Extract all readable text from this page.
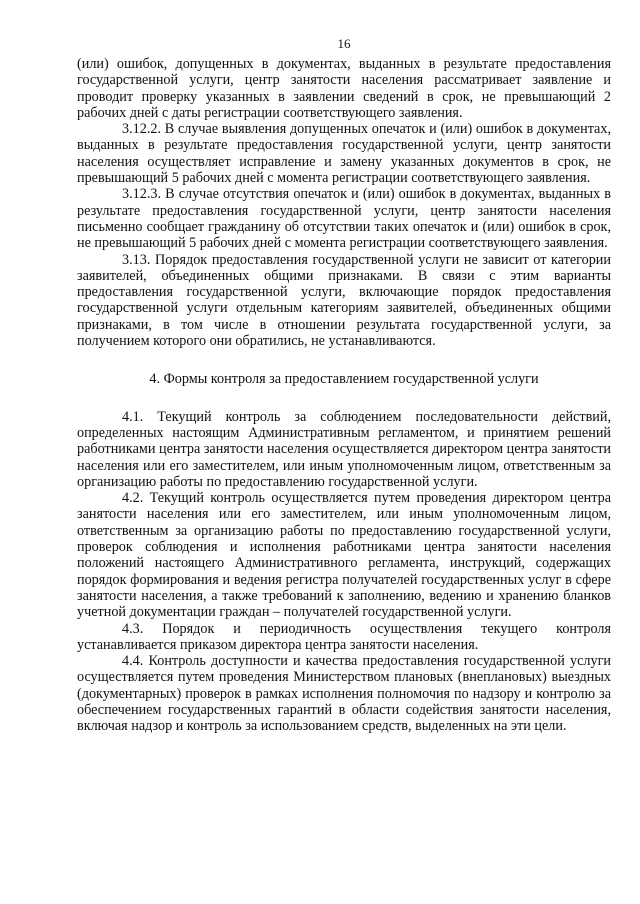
16

(или) ошибок, допущенных в документах, выданных в результате предоставления государственной услуги, центр занятости населения рассматривает заявление и проводит проверку указанных в заявлении сведений в срок, не превышающий 2 рабочих дней с даты регистрации соответствующего заявления.

3.12.2. В случае выявления допущенных опечаток и (или) ошибок в документах, выданных в результате предоставления государственной услуги, центр занятости населения осуществляет исправление и замену указанных документов в срок, не превышающий 5 рабочих дней с момента регистрации соответствующего заявления.

3.12.3. В случае отсутствия опечаток и (или) ошибок в документах, выданных в результате предоставления государственной услуги, центр занятости населения письменно сообщает гражданину об отсутствии таких опечаток и (или) ошибок в срок, не превышающий 5 рабочих дней с момента регистрации соответствующего заявления.

3.13. Порядок предоставления государственной услуги не зависит от категории заявителей, объединенных общими признаками. В связи с этим варианты предоставления государственной услуги, включающие порядок предоставления государственной услуги отдельным категориям заявителей, объединенных общими признаками, в том числе в отношении результата государственной услуги, за получением которого они обратились, не устанавливаются.

4. Формы контроля за предоставлением государственной услуги

4.1. Текущий контроль за соблюдением последовательности действий, определенных настоящим Административным регламентом, и принятием решений работниками центра занятости населения осуществляется директором центра занятости населения или его заместителем, или иным уполномоченным лицом, ответственным за организацию работы по предоставлению государственной услуги.

4.2. Текущий контроль осуществляется путем проведения директором центра занятости населения или его заместителем, или иным уполномоченным лицом, ответственным за организацию работы по предоставлению государственной услуги, проверок соблюдения и исполнения работниками центра занятости населения положений настоящего Административного регламента, инструкций, содержащих порядок формирования и ведения регистра получателей государственных услуг в сфере занятости населения, а также требований к заполнению, ведению и хранению бланков учетной документации граждан – получателей государственной услуги.

4.3. Порядок и периодичность осуществления текущего контроля устанавливается приказом директора центра занятости населения.

4.4. Контроль доступности и качества предоставления государственной услуги осуществляется путем проведения Министерством плановых (внеплановых) выездных (документарных) проверок в рамках исполнения полномочия по надзору и контролю за обеспечением государственных гарантий в области содействия занятости населения, включая надзор и контроль за использованием средств, выделенных на эти цели.
